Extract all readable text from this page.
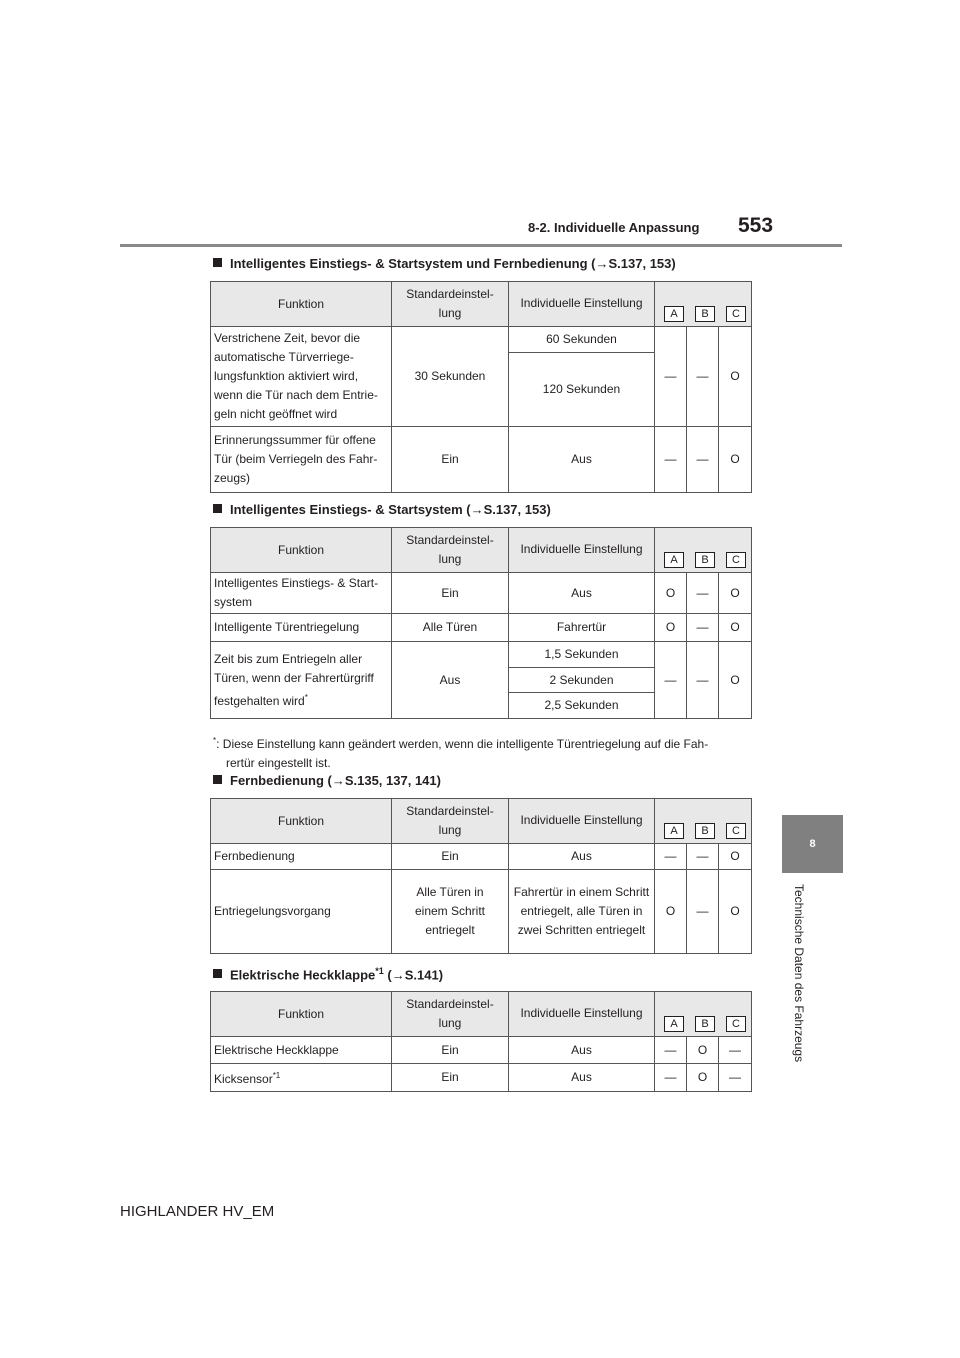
8-2. Individuelle Anpassung 553
8
Technische Daten des Fahrzeugs
Intelligentes Einstiegs- & Startsystem und Fernbedienung (→S.137, 153)
Funktion	Standardeinstel-lung	Individuelle Einstellung	A B C		

Verstrichene Zeit, bevor die automatische Türverriege-lungsfunktion aktiviert wird, wenn die Tür nach dem Entrie-geln nicht geöffnet wird	30 Sekunden	60 Sekunden	—	—	O
		120 Sekunden			
Erinnerungssummer für offene Tür (beim Verriegeln des Fahr-zeugs)	Ein	Aus	—	—	O
Intelligentes Einstiegs- & Startsystem (→S.137, 153)
Funktion	Standardeinstel-lung	Individuelle Einstellung	A B C		

Intelligentes Einstiegs- & Start-system	Ein	Aus	O	—	O
Intelligente Türentriegelung	Alle Türen	Fahrertür	O	—	O
Zeit bis zum Entriegeln aller Türen, wenn der Fahrertürgriff festgehalten wird*	Aus	1,5 Sekunden	—	—	O
		2 Sekunden			
		2,5 Sekunden			
*: Diese Einstellung kann geändert werden, wenn die intelligente Türentriegelung auf die Fah-
rertür eingestellt ist.
Fernbedienung (→S.135, 137, 141)
Funktion	Standardeinstel-lung	Individuelle Einstellung	A B C		

Fernbedienung	Ein	Aus	—	—	O
Entriegelungsvorgang	Alle Türen in einem Schritt entriegelt	Fahrertür in einem Schritt entriegelt, alle Türen in zwei Schritten entriegelt	O	—	O
Elektrische Heckklappe$^{*1}$ (→S.141)
Funktion	Standardeinstel-lung	Individuelle Einstellung	A B C		

Elektrische Heckklappe	Ein	Aus	—	O	—
Kicksensor$^{*1}$	Ein	Aus	—	O	—
HIGHLANDER HV_EM
